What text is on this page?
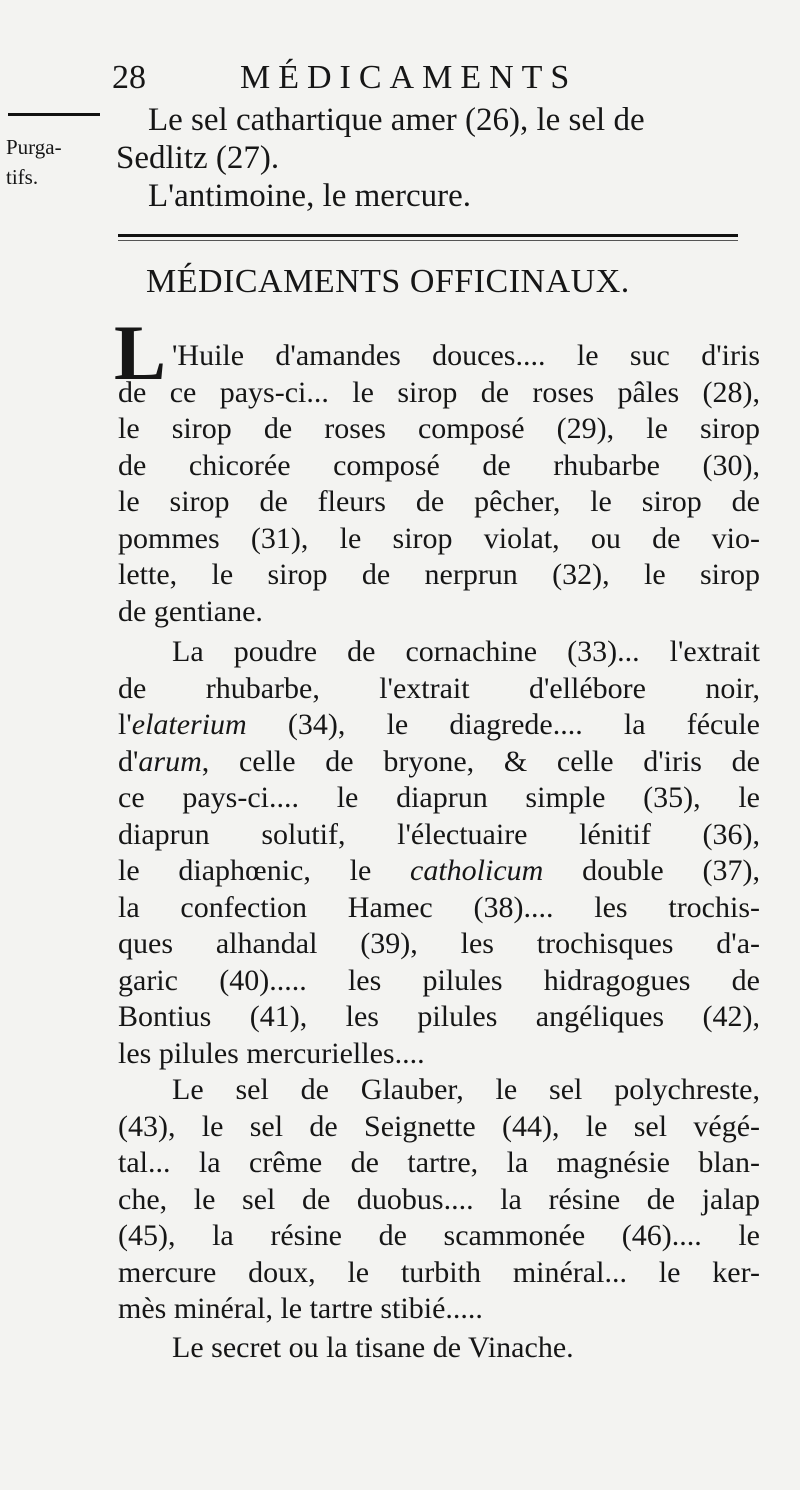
28	MÉDICAMENTS
Purga-
tifs.
Le sel cathartique amer (26), le sel de
Sedlitz (27).
L'antimoine, le mercure.
MÉDICAMENTS OFFICINAUX.
L 'Huile d'amandes douces.... le suc d'iris
de ce pays-ci... le sirop de roses pâles (28),
le sirop de roses composé (29), le sirop
de chicorée composé de rhubarbe (30),
le sirop de fleurs de pêcher, le sirop de
pommes (31), le sirop violat, ou de vio-
lette, le sirop de nerprun (32), le sirop
de gentiane.
La poudre de cornachine (33)... l'extrait
de rhubarbe, l'extrait d'ellébore noir,
l'elaterium (34), le diagrede.... la fécule
d'arum, celle de bryone, & celle d'iris de
ce pays-ci.... le diaprun simple (35), le
diaprun solutif, l'électuaire lénitif (36),
le diaphœnic, le catholicum double (37),
la confection Hamec (38).... les trochis-
ques alhandal (39), les trochisques d'a-
garic (40)..... les pilules hidragogues de
Bontius (41), les pilules angéliques (42),
les pilules mercurielles....
Le sel de Glauber, le sel polychreste,
(43), le sel de Seignette (44), le sel végé-
tal... la crême de tartre, la magnésie blan-
che, le sel de duobus.... la résine de jalap
(45), la résine de scammonée (46).... le
mercure doux, le turbith minéral... le ker-
mès minéral, le tartre stibié.....
Le secret ou la tisane de Vinache.
